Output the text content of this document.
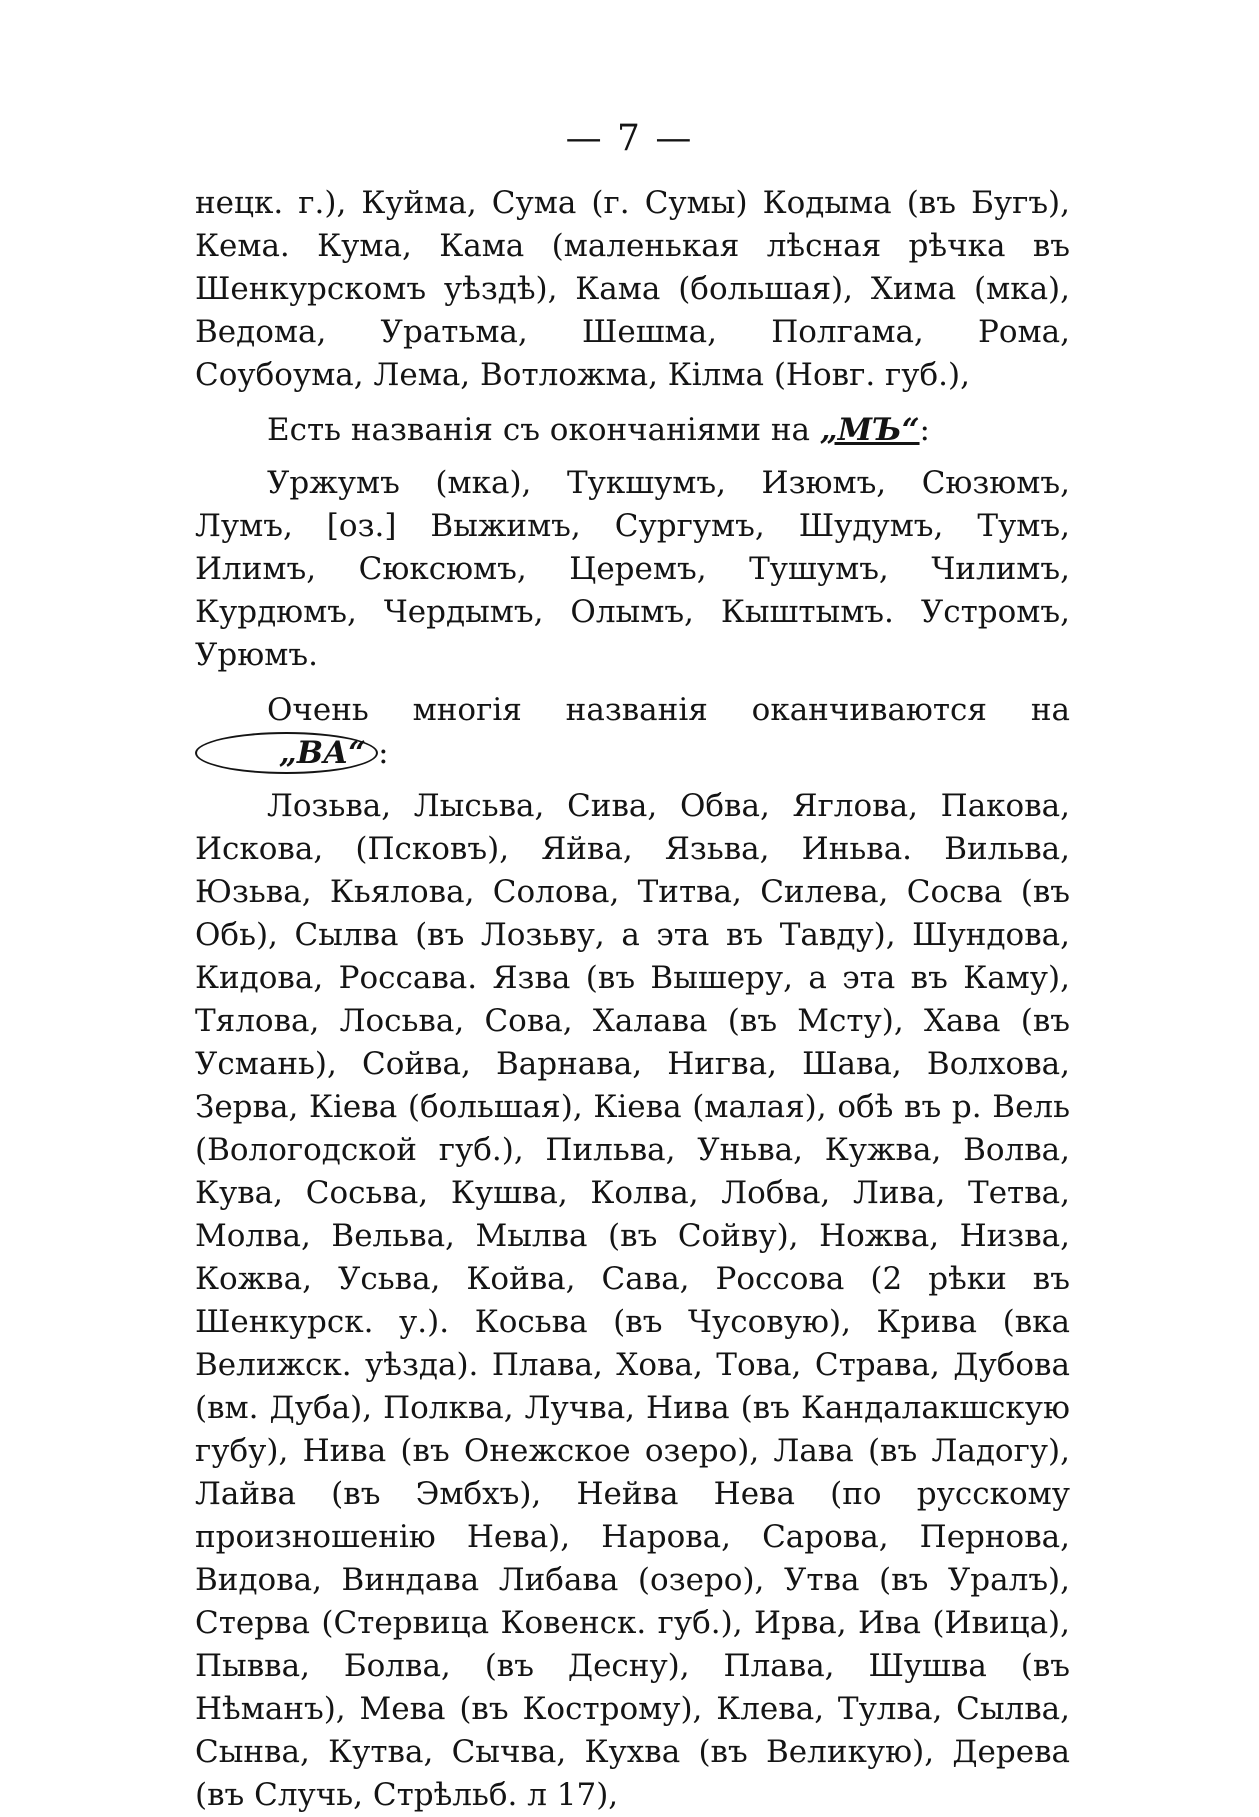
— 7 —

нецк. г.), Куйма, Сума (г. Сумы) Кодыма (въ Бугъ), Кема. Кума, Кама (маленькая лѣсная рѣчка въ Шенкурскомъ уѣздѣ), Кама (большая), Хима (мка), Ведома, Уратьма, Шешма, Полгама, Рома, Соубоума, Лема, Вотложма, Кiлма (Новг. губ.),

Есть названiя съ окончанiями на „МЪ“:

Уржумъ (мка), Тукшумъ, Изюмъ, Сюзюмъ, Лумъ, [оз.] Выжимъ, Сургумъ, Шудумъ, Тумъ, Илимъ, Сюксюмъ, Церемъ, Тушумъ, Чилимъ, Курдюмъ, Чердымъ, Олымъ, Кыштымъ. Устромъ, Урюмъ.

Очень многiя названiя оканчиваются на „ВА“ :

Лозьва, Лысьва, Сива, Обва, Яглова, Пакова, Искова, (Псковъ), Яйва, Язьва, Иньва. Вильва, Юзьва, Кьялова, Солова, Титва, Силева, Сосва (въ Обь), Сылва (въ Лозьву, а эта въ Тавду), Шундова, Кидова, Россава. Язва (въ Вышеру, а эта въ Каму), Тялова, Лосьва, Сова, Халава (въ Мсту), Хава (въ Усмань), Сойва, Варнава, Нигва, Шава, Волхова, Зерва, Кiева (большая), Кiева (малая), обѣ въ р. Вель (Вологодской губ.), Пильва, Уньва, Кужва, Волва, Кува, Сосьва, Кушва, Колва, Лобва, Лива, Тетва, Молва, Вельва, Мылва (въ Сойву), Ножва, Низва, Кожва, Усьва, Койва, Сава, Россова (2 рѣки въ Шенкурск. у.). Косьва (въ Чусовую), Крива (вка Велижск. уѣзда). Плава, Хова, Това, Страва, Дубова (вм. Дуба), Полква, Лучва, Нива (въ Кандалакшскую губу), Нива (въ Онежское озеро), Лава (въ Ладогу), Лайва (въ Эмбхъ), Нейва Нева (по русскому произношенiю Нева), Нарова, Сарова, Пернова, Видова, Виндава Либава (озеро), Утва (въ Уралъ), Стерва (Стервица Ковенск. губ.), Ирва, Ива (Ивица), Пывва, Болва, (въ Десну), Плава, Шушва (въ Нѣманъ), Мева (въ Кострому), Клева, Тулва, Сылва, Сынва, Кутва, Сычва, Кухва (въ Великую), Дерева (въ Случь, Стрѣльб. л 17),
